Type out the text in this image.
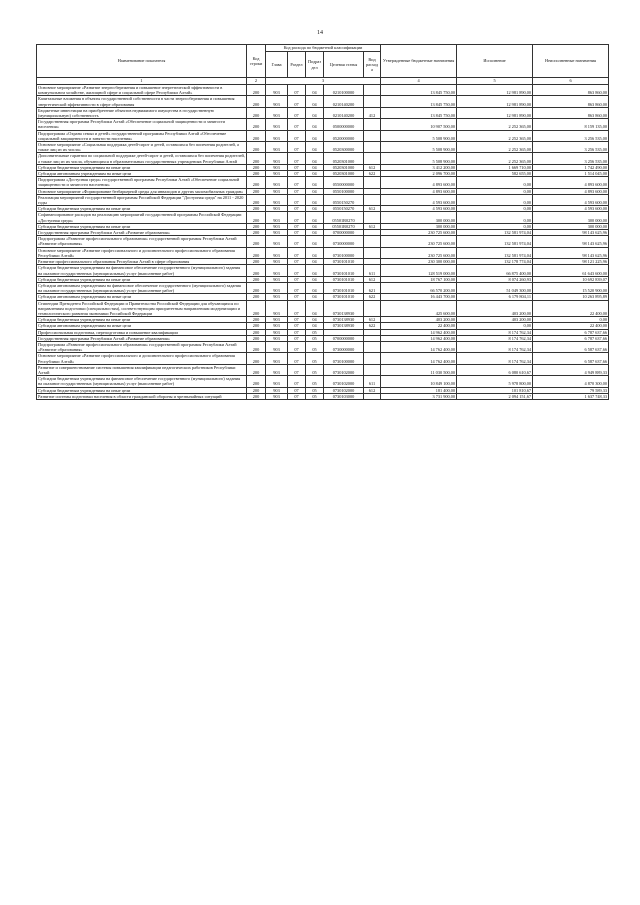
14
Наименование показателя	Код строки	Код расхода по бюджетной классификации					Утвержденные бюджетные назначения	Исполнение	Неисполненные назначения
		Глава	Раздел	Подраз дел	Целевая статья	Вид расход а			
1	2	3					4	5	6
Основное мероприятие «Развитие энергосбережения и повышение энергетической эффективности в коммунальном хозяйстве, жилищной сфере и социальной сфере Республики Алтай»	200	903	07	04	0210100000		13 845 750,00	12 981 890,00	863 860,00
Капитальные вложения в объекты государственной собственности в части энергосбережения и повышения энергетической эффективности в сфере образования	200	903	07	04	0210140200		13 845 750,00	12 981 890,00	863 860,00
Бюджетные инвестиции на приобретение объектов недвижимого имущества в государственную (муниципальную) собственность	200	903	07	04	0210140200	412	13 845 750,00	12 981 890,00	863 860,00
Государственная программа Республики Алтай «Обеспечение социальной защищенности и занятости населения»	200	903	07	04	0500000000		10 907 500,00	2 252 365,00	8 159 135,00
Подпрограмма «Охрана семьи и детей» государственной программы Республики Алтай «Обеспечение социальной защищенности и занятости населения»	200	903	07	04	0520000000		5 508 900,00	2 252 365,00	3 256 535,00
Основное мероприятие «Социальная поддержка детей-сирот и детей, оставшихся без попечения родителей, а также лиц из их числа»	200	903	07	04	0520300000		5 508 900,00	2 252 365,00	3 256 535,00
Дополнительные гарантии по социальной поддержке детей-сирот и детей, оставшихся без попечения родителей, а также лиц из их числа, обучающихся в образовательных государственных учреждениях Республики Алтай	200	903	07	04	0520301000		5 508 900,00	2 252 365,00	3 256 535,00
Субсидии бюджетным учреждениям на иные цели	200	903	07	04	0520301000	612	3 412 200,00	1 669 710,00	1 742 490,00
Субсидии автономным учреждениям на иные цели	200	903	07	04	0520301000	622	2 096 700,00	582 655,00	1 514 045,00
Подпрограмма «Доступная среда» государственной программы Республики Алтай «Обеспечение социальной защищенности и занятости населения»	200	903	07	04	0550000000		4 893 600,00	0,00	4 893 600,00
Основное мероприятие «Формирование безбарьерной среды для инвалидов и других маломобильных граждан»	200	903	07	04	0550100000		4 893 600,00	0,00	4 893 600,00
Реализация мероприятий государственной программы Российской Федерации "Доступная среда" на 2011 - 2020 годы	200	903	07	04	0550150270		4 593 600,00	0,00	4 593 600,00
Субсидии бюджетным учреждениям на иные цели	200	903	07	04	0550150270	612	4 593 600,00	0,00	4 593 600,00
Софинансирование расходов на реализацию мероприятий государственной программы Российской Федерации «Доступная среда»	200	903	07	04	05501R0270		300 000,00	0,00	300 000,00
Субсидии бюджетным учреждениям на иные цели	200	903	07	04	05501R0270	612	300 000,00	0,00	300 000,00
Государственная программа Республики Алтай «Развитие образования»	200	903	07	04	0700000000		230 725 600,00	132 581 974,04	98 143 625,96
Подпрограмма «Развитие профессионального образования» государственной программы Республики Алтай «Развитие образования»	200	903	07	04	0730000000		230 725 600,00	132 581 974,04	98 143 625,96
Основное мероприятие «Развитие профессионального и дополнительного профессионального образования Республики Алтай»	200	903	07	04	0730100000		230 725 600,00	132 581 974,04	98 143 625,96
Развитие профессионального образования Республики Алтай в сфере образования	200	903	07	04	0730101010		230 300 000,00	132 178 774,04	98 121 225,96
Субсидии бюджетным учреждениям на финансовое обеспечение государственного (муниципального) задания на оказание государственных (муниципальных) услуг (выполнение работ)	200	903	07	04	0730101010	611	128 519 000,00	66 875 400,00	61 643 600,00
Субсидии бюджетным учреждениям на иные цели	200	903	07	04	0730101010	612	18 767 100,00	8 074 260,93	10 692 839,07
Субсидии автономным учреждениям на финансовое обеспечение государственного (муниципального) задания на оказание государственных (муниципальных) услуг (выполнение работ)	200	903	07	04	0730101010	621	66 570 200,00	51 049 300,00	15 520 900,00
Субсидии автономным учреждениям на иные цели	200	903	07	04	0730101010	622	16 443 700,00	6 179 804,11	10 263 895,89
Стипендии Президента Российской Федерации и Правительства Российской Федерации для обучающихся по направлениям подготовки (специальностям), соответствующим приоритетным направлениям модернизации и технологического развития экономики Российской Федерации	200	903	07	04	0730138930		425 600,00	403 200,00	22 400,00
Субсидии бюджетным учреждениям на иные цели	200	903	07	04	0730138930	612	403 200,00	403 200,00	0,00
Субсидии автономным учреждениям на иные цели	200	903	07	04	0730138930	622	22 400,00	0,00	22 400,00
Профессиональная подготовка, переподготовка и повышение квалификации	200	903	07	05			14 962 400,00	8 174 762,34	6 787 637,66
Государственная программа Республики Алтай «Развитие образования»	200	903	07	05	0700000000		14 962 400,00	8 174 762,34	6 787 637,66
Подпрограмма «Развитие профессионального образования» государственной программы Республики Алтай «Развитие образования»	200	903	07	05	0730000000		14 762 400,00	8 174 762,34	6 587 637,66
Основное мероприятие «Развитие профессионального и дополнительного профессионального образования Республики Алтай»	200	903	07	05	0730100000		14 762 400,00	8 174 762,34	6 587 637,66
Развитие и совершенствование системы повышения квалификации педагогических работников Республики Алтай	200	903	07	05	0730102000		11 030 500,00	6 080 610,67	4 949 889,33
Субсидии бюджетным учреждениям на финансовое обеспечение государственного (муниципального) задания на оказание государственных (муниципальных) услуг (выполнение работ)	200	903	07	05	0730102000	611	10 849 100,00	5 978 800,00	4 870 300,00
Субсидии бюджетным учреждениям на иные цели	200	903	07	05	0730102000	612	181 400,00	101 810,67	79 589,33
Развитие системы подготовки населения в области гражданской обороны и чрезвычайных ситуаций	200	903	07	05	0730103000		3 731 900,00	2 094 151,67	1 637 748,33
